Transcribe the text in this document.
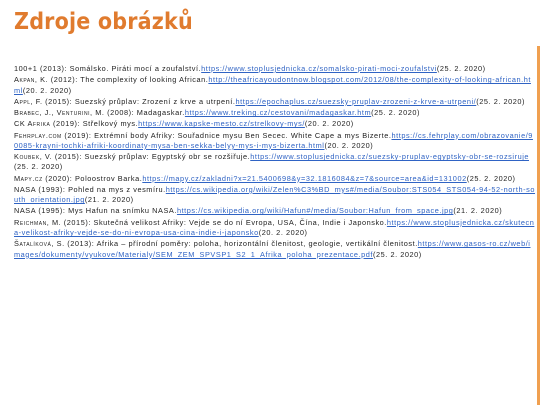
Zdroje obrázků

100+1 (2013): Somálsko. Piráti mocí a zoufalství.https://www.stoplusjednicka.cz/somalsko-pirati-moci-zoufalstvi(25. 2. 2020)

Akpan, K. (2012): The complexity of looking African.http://theafricayoudontnow.blogspot.com/2012/08/the-complexity-of-looking-african.html(20. 2. 2020)

Appl, F. (2015): Suezský průplav: Zrození z krve a utrpení.https://epochaplus.cz/suezsky-pruplav-zrozeni-z-krve-a-utrpeni/(25. 2. 2020)

Brabec, J., Venturini, M. (2008): Madagaskar.https://www.treking.cz/cestovani/madagaskar.htm(25. 2. 2020)

CK Afrika (2019): Střelkový mys.https://www.kapske-mesto.cz/strelkovy-mys/(20. 2. 2020)

Fehrplay.com (2019): Extrémní body Afriky: Souřadnice mysu Ben Secec. White Cape a mys Bizerte.https://cs.fehrplay.com/obrazovanie/90085-krayni-tochki-afriki-koordinaty-mysa-ben-sekka-belyy-mys-i-mys-bizerta.html(20. 2. 2020)

Koubek, V. (2015): Suezský průplav: Egyptský obr se rozšiřuje.https://www.stoplusjednicka.cz/suezsky-pruplav-egyptsky-obr-se-rozsiruje(25. 2. 2020)

Mapy.cz (2020): Poloostrov Barka.https://mapy.cz/zakladni?x=21.5400698&y=32.1816084&z=7&source=area&id=131002(25. 2. 2020)

NASA (1993): Pohled na mys z vesmíru.https://cs.wikipedia.org/wiki/Zelen%C3%BD_mys#/media/Soubor:STS054_STS054-94-52-north-south_orientation.jpg(21. 2. 2020)

NASA (1995): Mys Hafun na snímku NASA.https://cs.wikipedia.org/wiki/Hafun#/media/Soubor:Hafun_from_space.jpg(21. 2. 2020)

Reichman, M. (2015): Skutečná velikost Afriky: Vejde se do ní Evropa, USA, Čína, Indie i Japonsko.https://www.stoplusjednicka.cz/skutecna-velikost-afriky-vejde-se-do-ni-evropa-usa-cina-indie-i-japonsko(20. 2. 2020)

Šatalíková, S. (2013): Afrika – přírodní poměry: poloha, horizontální členitost, geologie, vertikální členitost.https://www.gasos-ro.cz/web/images/dokumenty/vyukove/Materialy/SEM_ZEM_SPVSP1_S2_1_Afrika_poloha_prezentace.pdf(25. 2. 2020)
